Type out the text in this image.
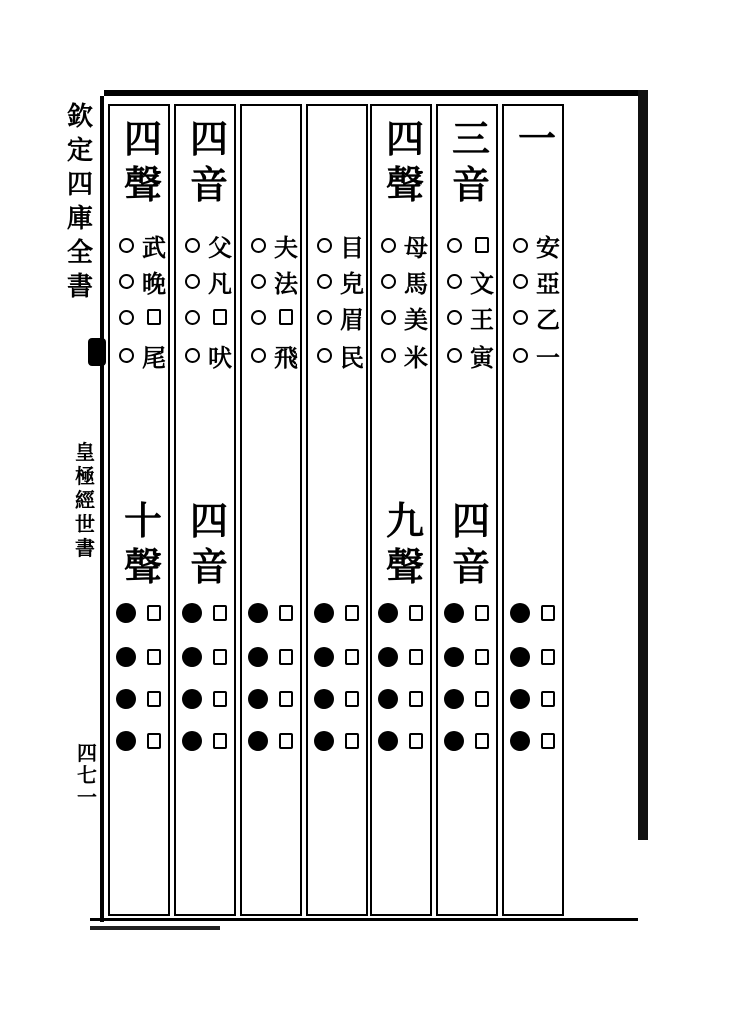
欽
定
四
庫
全
書
皇
極
經
世
書
四
七
一
一
安
亞
乙
一
三
音
四
音
文
王
寅
四
聲
九
聲
母
馬
美
米
目
皃
眉
民
夫
法
飛
四
音
四
音
父
凡
吠
四
聲
十
聲
武
晚
尾
